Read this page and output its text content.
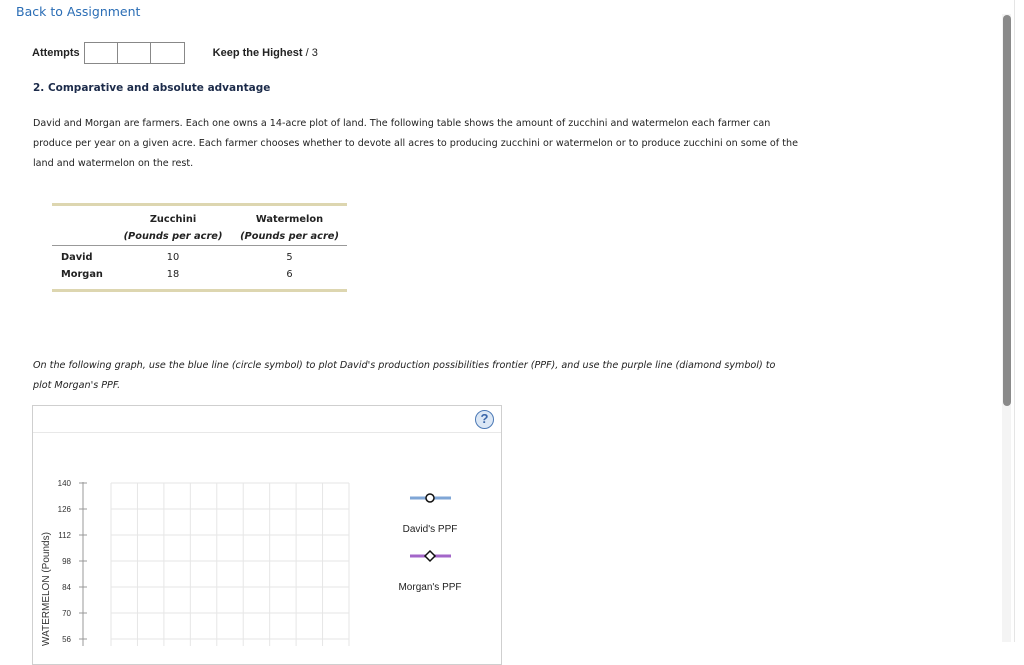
Back to Assignment
Attempts	Keep the Highest / 3
2. Comparative and absolute advantage
David and Morgan are farmers. Each one owns a 14-acre plot of land. The following table shows the amount of zucchini and watermelon each farmer can produce per year on a given acre. Each farmer chooses whether to devote all acres to producing zucchini or watermelon or to produce zucchini on some of the land and watermelon on the rest.
Zucchini	Watermelon
(Pounds per acre)	(Pounds per acre)
David	10	5
Morgan	18	6
On the following graph, use the blue line (circle symbol) to plot David's production possibilities frontier (PPF), and use the purple line (diamond symbol) to plot Morgan's PPF.
?
140
126
112
98
84
70
56
WATERMELON (Pounds)
David's PPF
Morgan's PPF
